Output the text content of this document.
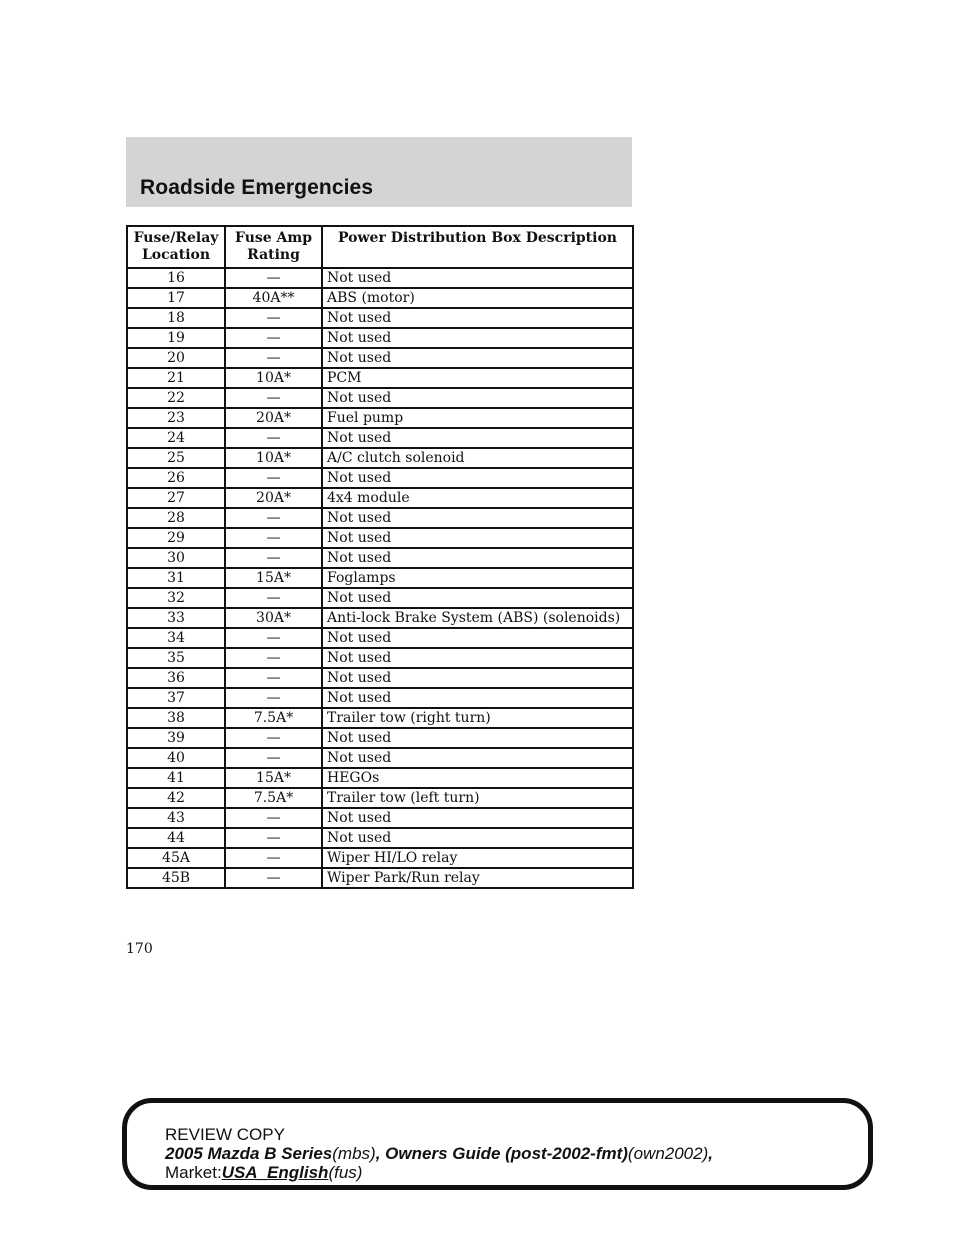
Roadside Emergencies
Fuse/Relay Location	Fuse Amp Rating	Power Distribution Box Description
16	—	Not used
17	40A**	ABS (motor)
18	—	Not used
19	—	Not used
20	—	Not used
21	10A*	PCM
22	—	Not used
23	20A*	Fuel pump
24	—	Not used
25	10A*	A/C clutch solenoid
26	—	Not used
27	20A*	4x4 module
28	—	Not used
29	—	Not used
30	—	Not used
31	15A*	Foglamps
32	—	Not used
33	30A*	Anti-lock Brake System (ABS) (solenoids)
34	—	Not used
35	—	Not used
36	—	Not used
37	—	Not used
38	7.5A*	Trailer tow (right turn)
39	—	Not used
40	—	Not used
41	15A*	HEGOs
42	7.5A*	Trailer tow (left turn)
43	—	Not used
44	—	Not used
45A	—	Wiper HI/LO relay
45B	—	Wiper Park/Run relay
170
REVIEW COPY
2005 Mazda B Series(mbs), Owners Guide (post-2002-fmt)(own2002),
Market:USA_English(fus)
